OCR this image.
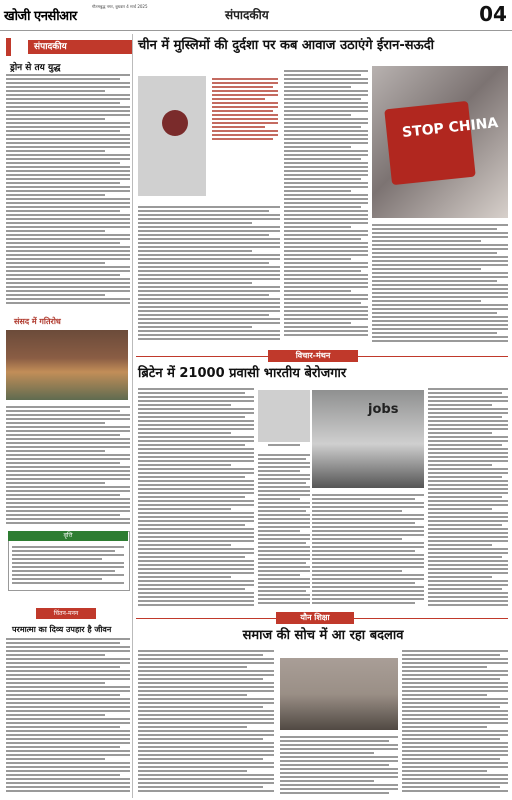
खोजी एनसीआर
गौतमबुद्ध नगर, बुधवार 4 मार्च 2025
संपादकीय	04
संपादकीय
ड्रोन से तय युद्ध
संसद में गतिरोध
वृत्ति
चिंतन-मनन
परमात्मा का दिव्य उपहार है जीवन
चीन में मुस्लिमों की दुर्दशा पर कब आवाज उठाएंगे ईरान-सऊदी
STOP CHINA
विचार-मंथन
ब्रिटेन में 21000 प्रवासी भारतीय बेरोजगार
jobs
यौन शिक्षा
समाज की सोच में आ रहा बदलाव
